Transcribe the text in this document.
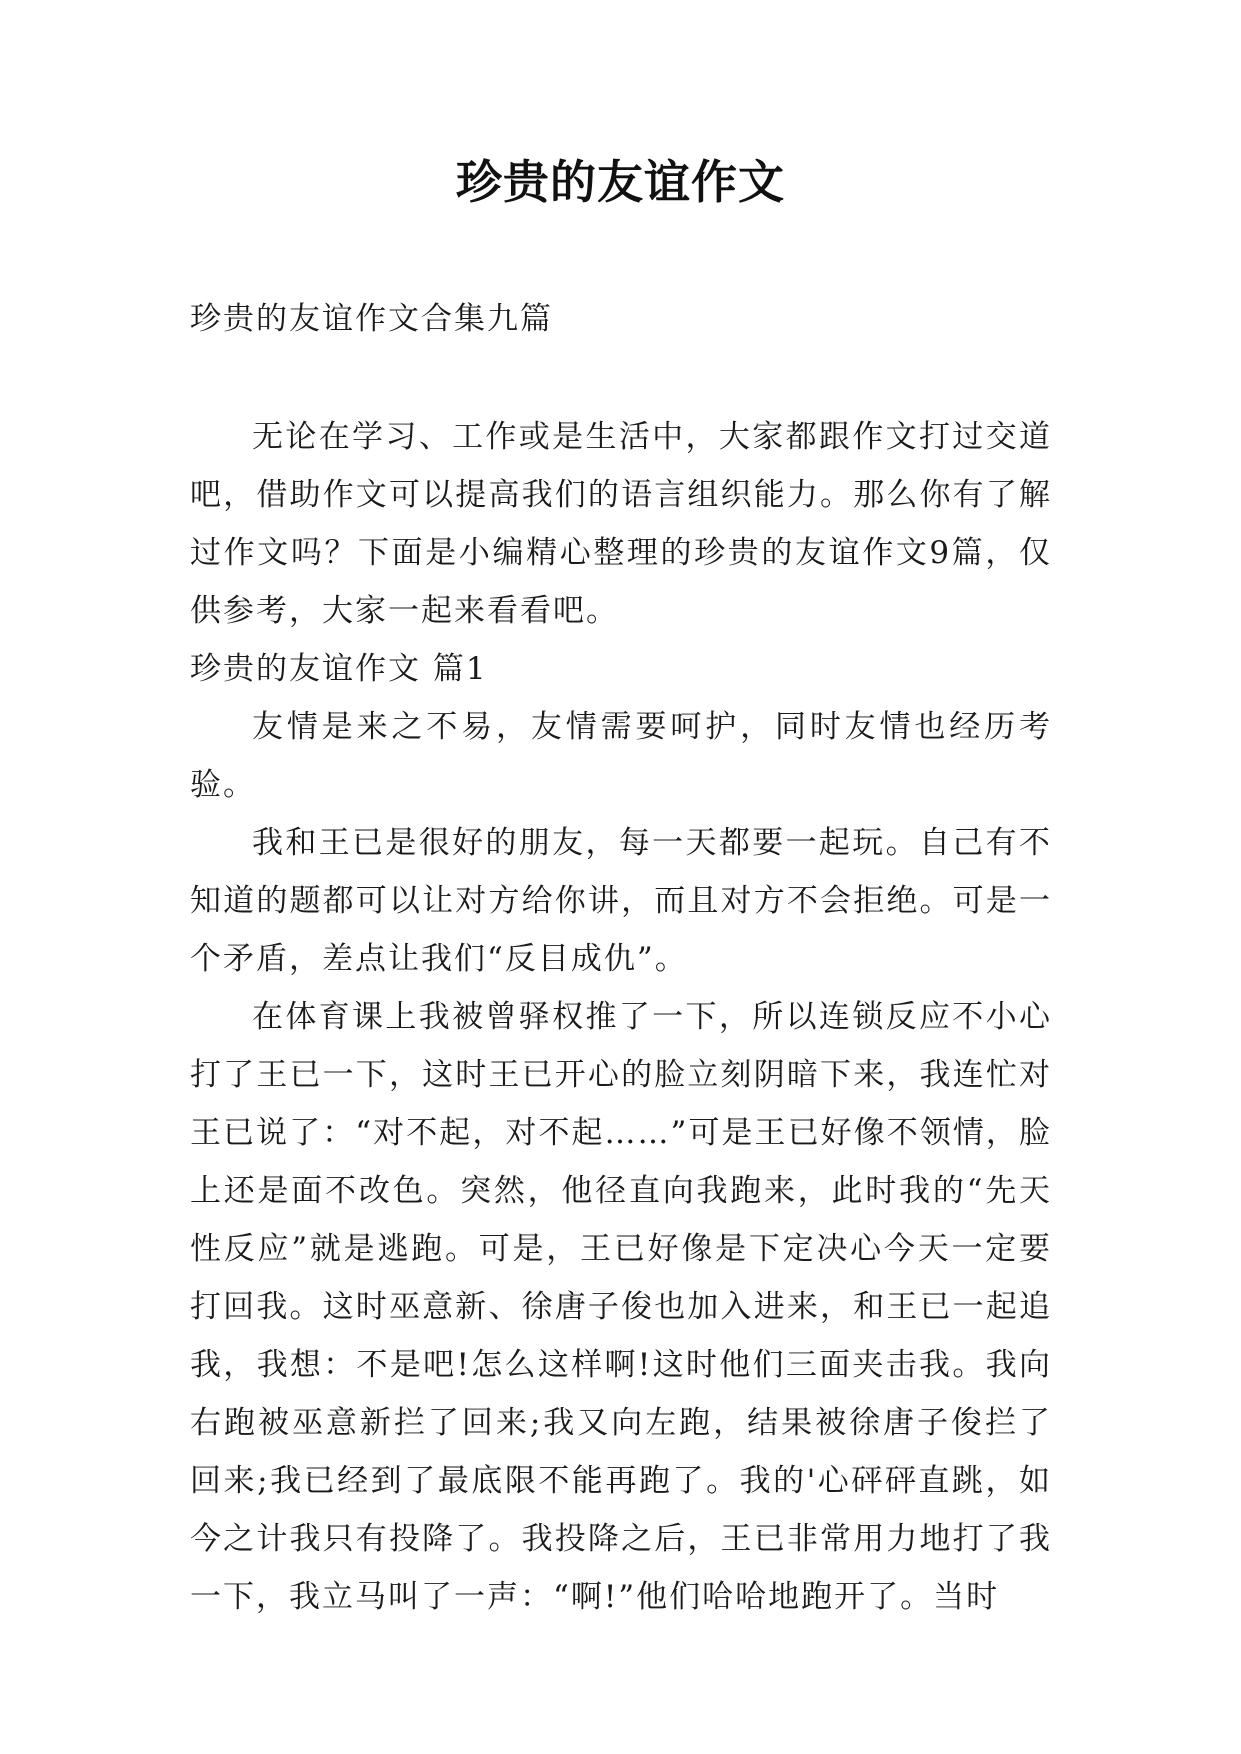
珍贵的友谊作文

珍贵的友谊作文合集九篇

无论在学习、工作或是生活中，大家都跟作文打过交道吧，借助作文可以提高我们的语言组织能力。那么你有了解过作文吗？下面是小编精心整理的珍贵的友谊作文9篇，仅供参考，大家一起来看看吧。

珍贵的友谊作文 篇1

友情是来之不易，友情需要呵护，同时友情也经历考验。

我和王已是很好的朋友，每一天都要一起玩。自己有不知道的题都可以让对方给你讲，而且对方不会拒绝。可是一个矛盾，差点让我们“反目成仇”。

在体育课上我被曾驿权推了一下，所以连锁反应不小心打了王已一下，这时王已开心的脸立刻阴暗下来，我连忙对王已说了：“对不起，对不起……”可是王已好像不领情，脸上还是面不改色。突然，他径直向我跑来，此时我的“先天性反应”就是逃跑。可是，王已好像是下定决心今天一定要打回我。这时巫意新、徐唐子俊也加入进来，和王已一起追我，我想：不是吧!怎么这样啊!这时他们三面夹击我。我向右跑被巫意新拦了回来;我又向左跑，结果被徐唐子俊拦了回来;我已经到了最底限不能再跑了。我的'心砰砰直跳，如今之计我只有投降了。我投降之后，王已非常用力地打了我一下，我立马叫了一声：“啊!”他们哈哈地跑开了。当时
